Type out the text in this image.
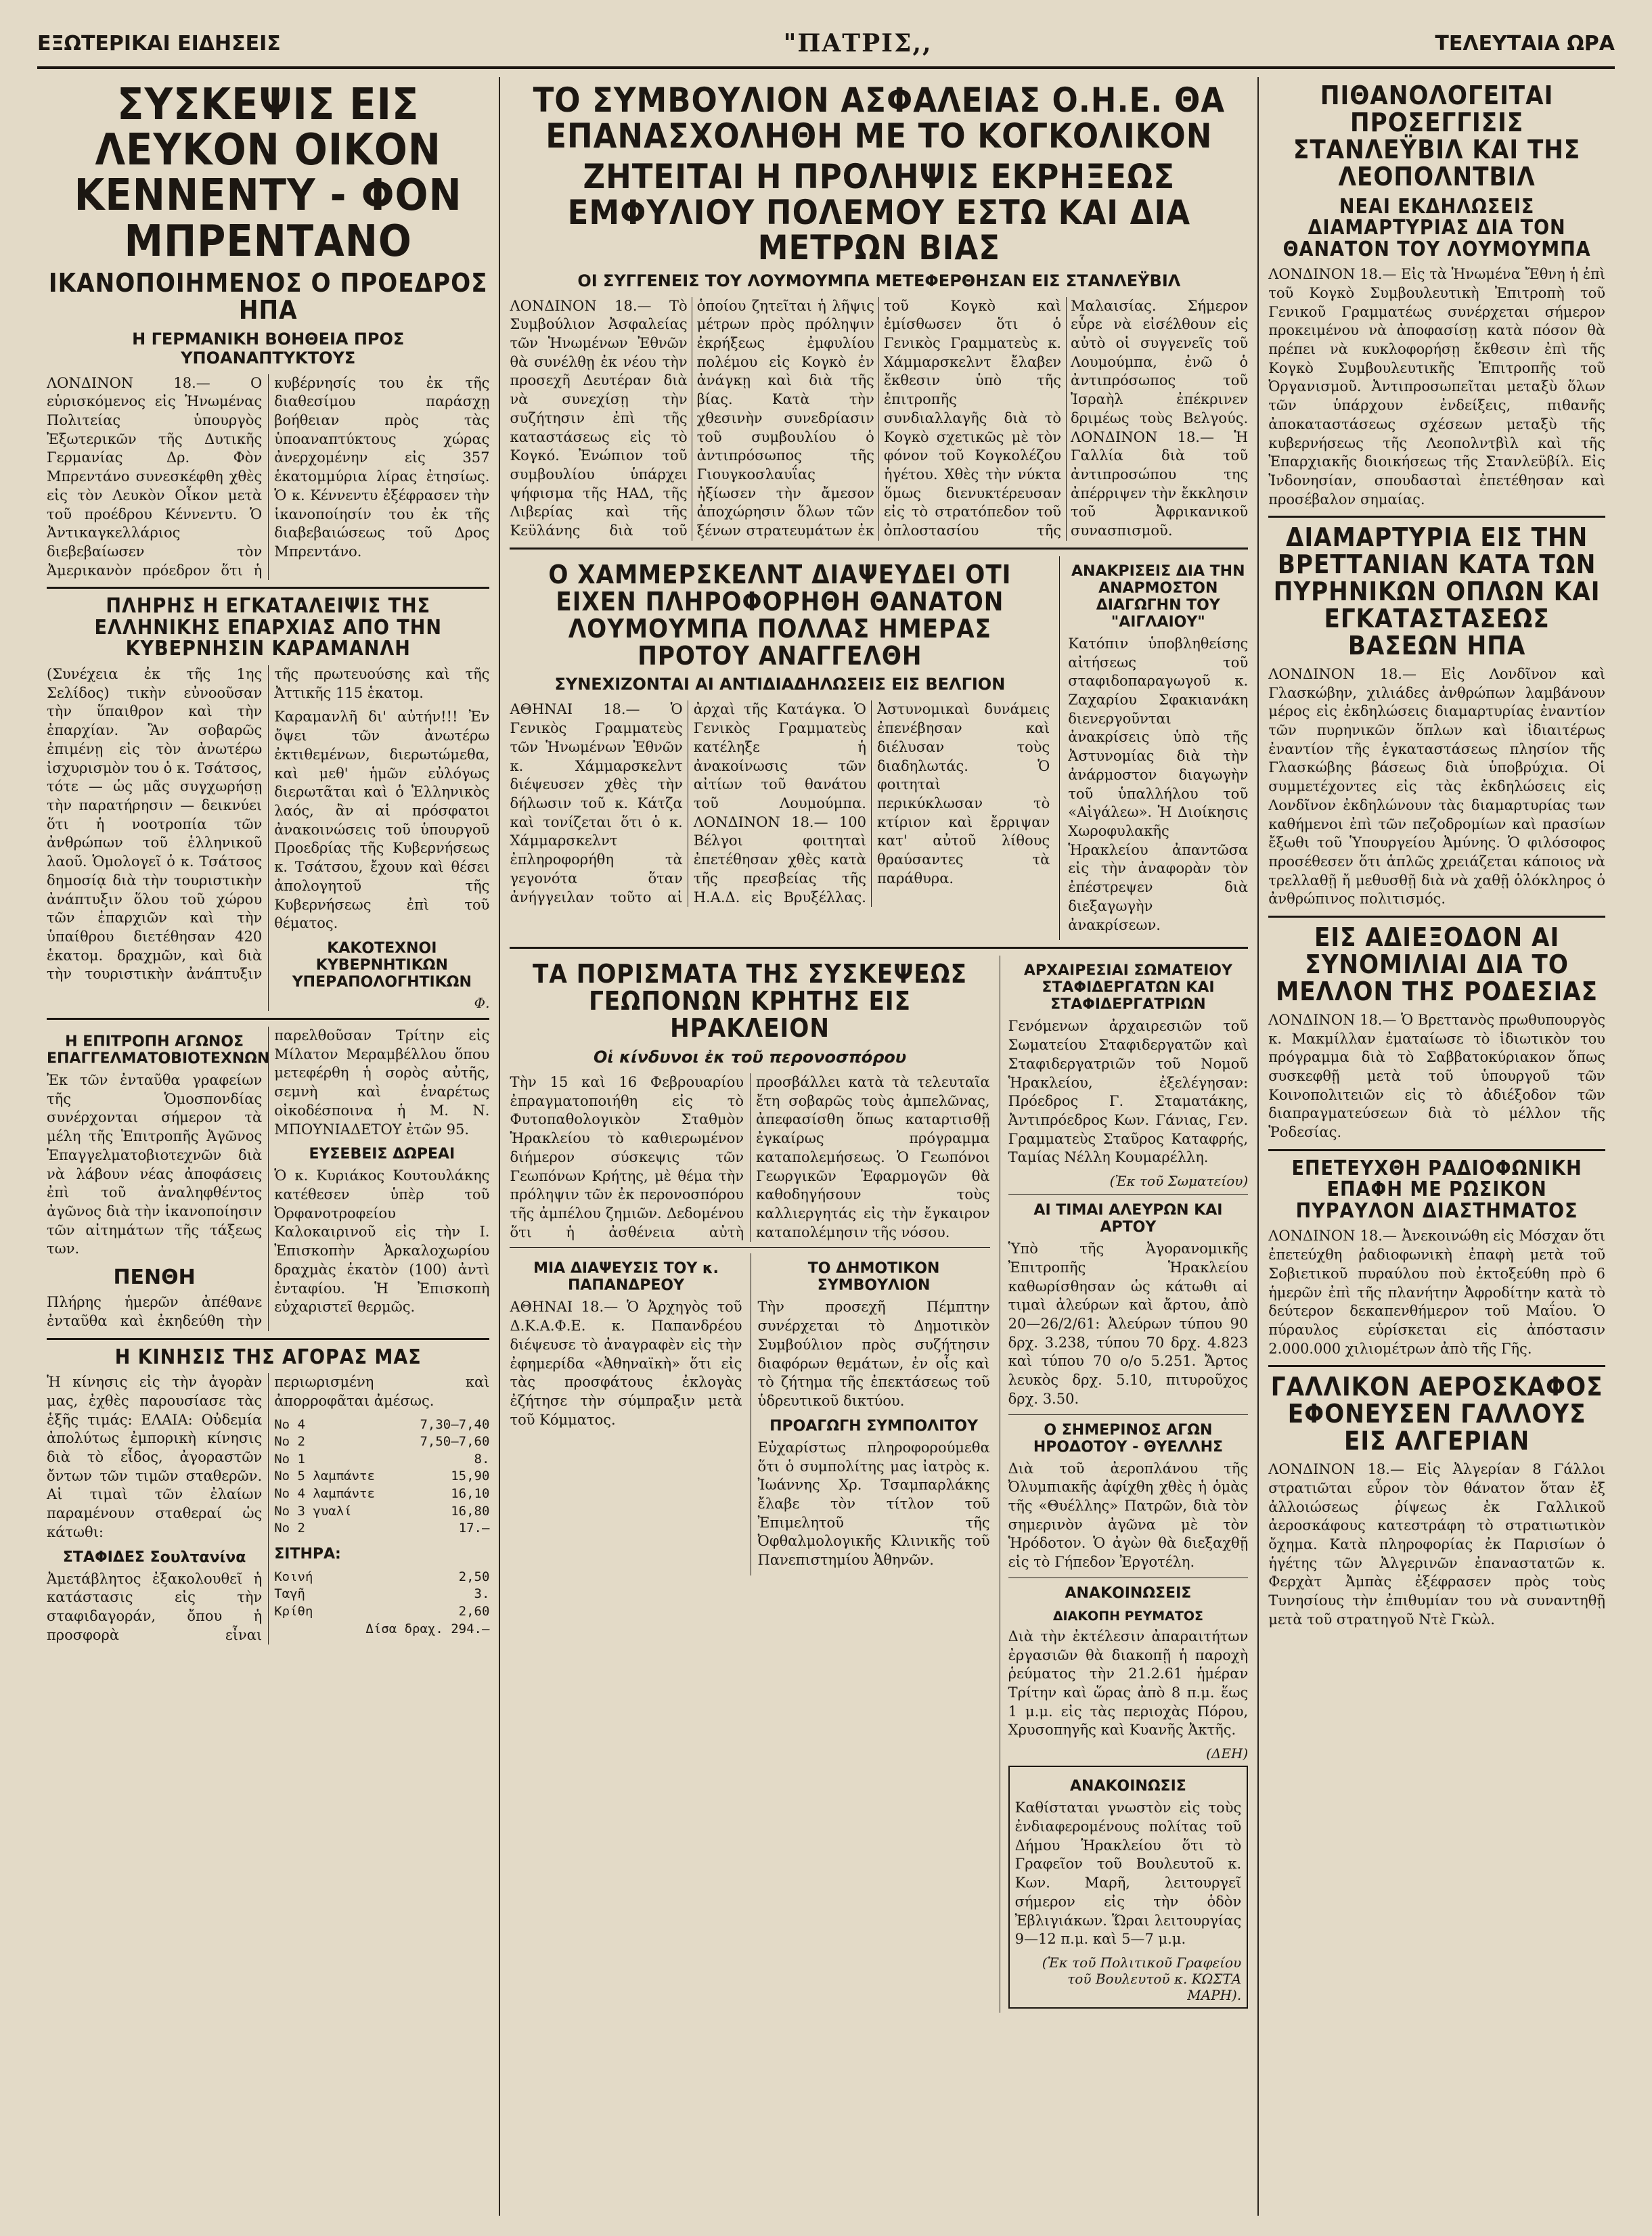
ΕΞΩΤΕΡΙΚΑΙ ΕΙΔΗΣΕΙΣ	"ΠΑΤΡΙΣ,,	ΤΕΛΕΥΤΑΙΑ ΩΡΑ
ΣΥΣΚΕΨΙΣ ΕΙΣ ΛΕΥΚΟΝ ΟΙΚΟΝ ΚΕΝΝΕΝΤΥ - ΦΟΝ ΜΠΡΕΝΤΑΝΟ
ΙΚΑΝΟΠΟΙΗΜΕΝΟΣ Ο ΠΡΟΕΔΡΟΣ ΗΠΑ
Η ΓΕΡΜΑΝΙΚΗ ΒΟΗΘΕΙΑ ΠΡΟΣ ΥΠΟΑΝΑΠΤΥΚΤΟΥΣ
ΛΟΝΔΙΝΟΝ 18.— Ο εὑρισκόμενος εἰς Ἡνωμένας Πολιτείας ὑπουργὸς Ἐξωτερικῶν τῆς Δυτικῆς Γερμανίας Δρ. Φὸν Μπρεντάνο συνεσκέφθη χθὲς εἰς τὸν Λευκὸν Οἶκον μετὰ τοῦ προέδρου Κέννεντυ. Ὁ Ἀντικαγκελλάριος διεβεβαίωσεν τὸν Ἀμερικανὸν πρόεδρον ὅτι ἡ κυβέρνησίς του ἐκ τῆς διαθεσίμου παράσχῃ βοήθειαν πρὸς τὰς ὑποαναπτύκτους χώρας ἀνερχομένην εἰς 357 ἑκατομμύρια λίρας ἐτησίως. Ὁ κ. Κέννεντυ ἐξέφρασεν τὴν ἱκανοποίησίν του ἐκ τῆς διαβεβαιώσεως τοῦ Δρος Μπρεντάνο.
ΠΛΗΡΗΣ Η ΕΓΚΑΤΑΛΕΙΨΙΣ ΤΗΣ ΕΛΛΗΝΙΚΗΣ ΕΠΑΡΧΙΑΣ ΑΠΟ ΤΗΝ ΚΥΒΕΡΝΗΣΙΝ ΚΑΡΑΜΑΝΛΗ

(Συνέχεια ἐκ τῆς 1ης Σελίδος) τικὴν εὐνοοῦσαν τὴν ὕπαιθρον καὶ τὴν ἐπαρχίαν. Ἂν σοβαρῶς ἐπιμένῃ εἰς τὸν ἀνωτέρω ἰσχυρισμὸν του ὁ κ. Τσάτσος, τότε — ὡς μᾶς συγχωρήσῃ τὴν παρατήρησιν — δεικνύει ὅτι ἡ νοοτροπία τῶν ἀνθρώπων τοῦ ἑλληνικοῦ λαοῦ. Ὁμολογεῖ ὁ κ. Τσάτσος δημοσίᾳ διὰ τὴν τουριστικὴν ἀνάπτυξιν ὅλου τοῦ χώρου τῶν ἐπαρχιῶν καὶ τὴν ὑπαίθρου διετέθησαν 420 ἑκατομ. δραχμῶν, καὶ διὰ τὴν τουριστικὴν ἀνάπτυξιν τῆς πρωτευούσης καὶ τῆς Ἀττικῆς 115 ἑκατομ.

Καραμανλῆ δι' αὐτήν!!! Ἐν ὄψει τῶν ἀνωτέρω ἐκτιθεμένων, διερωτώμεθα, καὶ μεθ' ἡμῶν εὐλόγως διερωτᾶται καὶ ὁ Ἑλληνικὸς λαός, ἂν αἱ πρόσφατοι ἀνακοινώσεις τοῦ ὑπουργοῦ Προεδρίας τῆς Κυβερνήσεως κ. Τσάτσου, ἔχουν καὶ θέσει ἀπολογητοῦ τῆς Κυβερνήσεως ἐπὶ τοῦ θέματος.

ΚΑΚΟΤΕΧΝΟΙ ΚΥΒΕΡΝΗΤΙΚΩΝ ΥΠΕΡΑΠΟΛΟΓΗΤΙΚΩΝ
Φ.
Η ΕΠΙΤΡΟΠΗ ΑΓΩΝΟΣ ΕΠΑΓΓΕΛΜΑΤΟΒΙΟΤΕΧΝΩΝ

Ἐκ τῶν ἐνταῦθα γραφείων τῆς Ὁμοσπονδίας συνέρχονται σήμερον τὰ μέλη τῆς Ἐπιτροπῆς Ἀγῶνος Ἐπαγγελματοβιοτεχνῶν διὰ νὰ λάβουν νέας ἀποφάσεις ἐπὶ τοῦ ἀναληφθέντος ἀγῶνος διὰ τὴν ἱκανοποίησιν τῶν αἰτημάτων τῆς τάξεως των.

ΠΕΝΘΗ

Πλήρης ἡμερῶν ἀπέθανε ἐνταῦθα καὶ ἐκηδεύθη τὴν παρελθοῦσαν Τρίτην εἰς Μίλατον Μεραμβέλλου ὅπου μετεφέρθη ἡ σορὸς αὐτῆς, σεμνὴ καὶ ἐναρέτως οἰκοδέσποινα ἡ Μ. Ν. ΜΠΟΥΝΙΑΔΕΤΟΥ ἐτῶν 95.

ΕΥΣΕΒΕΙΣ ΔΩΡΕΑΙ

Ὁ κ. Κυριάκος Κουτουλάκης κατέθεσεν ὑπὲρ τοῦ Ὀρφανοτροφείου Καλοκαιρινοῦ εἰς τὴν Ι. Ἐπισκοπὴν Ἀρκαλοχωρίου δραχμὰς ἑκατὸν (100) ἀντὶ ἐνταφίου. Ἡ Ἐπισκοπὴ εὐχαριστεῖ θερμῶς.

Η ΚΙΝΗΣΙΣ ΤΗΣ ΑΓΟΡΑΣ ΜΑΣ

Ἡ κίνησις εἰς τὴν ἀγορὰν μας, ἐχθὲς παρουσίασε τὰς ἑξῆς τιμάς: ΕΛΑΙΑ: Οὐδεμία ἀπολύτως ἐμπορικὴ κίνησις διὰ τὸ εἶδος, ἀγοραστῶν ὄντων τῶν τιμῶν σταθερῶν. Αἱ τιμαὶ τῶν ἐλαίων παραμένουν σταθεραί ὡς κάτωθι:

ΣΤΑΦΙΔΕΣ Σουλτανίνα

Ἀμετάβλητος ἐξακολουθεῖ ἡ κατάστασις εἰς τὴν σταφιδαγοράν, ὄπου ἡ προσφορὰ εἶναι περιωρισμένη καὶ ἀπορροφᾶται ἀμέσως.

Νο 4	7,30—7,40
Νο 2	7,50—7,60
Νο 1	8.
Νο 5 λαμπάντε	15,90
Νο 4 λαμπάντε	16,10
Νο 3 γυαλί	16,80
Νο 2	17.—
ΣΙΤΗΡΑ:
Κοινή	2,50
Ταγῆ	3.
Κρίθη	2,60
Δίσα δραχ. 294.—
ΤΟ ΣΥΜΒΟΥΛΙΟΝ ΑΣΦΑΛΕΙΑΣ Ο.Η.Ε. ΘΑ ΕΠΑΝΑΣΧΟΛΗΘΗ ΜΕ ΤΟ ΚΟΓΚΟΛΙΚΟΝ
ΖΗΤΕΙΤΑΙ Η ΠΡΟΛΗΨΙΣ ΕΚΡΗΞΕΩΣ ΕΜΦΥΛΙΟΥ ΠΟΛΕΜΟΥ ΕΣΤΩ ΚΑΙ ΔΙΑ ΜΕΤΡΩΝ ΒΙΑΣ
ΟΙ ΣΥΓΓΕΝΕΙΣ ΤΟΥ ΛΟΥΜΟΥΜΠΑ ΜΕΤΕΦΕΡΘΗΣΑΝ ΕΙΣ ΣΤΑΝΛΕΫΒΙΛ
ΛΟΝΔΙΝΟΝ 18.— Τὸ Συμβούλιον Ἀσφαλείας τῶν Ἡνωμένων Ἐθνῶν θὰ συνέλθῃ ἐκ νέου τὴν προσεχῆ Δευτέραν διὰ νὰ συνεχίσῃ τὴν συζήτησιν ἐπὶ τῆς καταστάσεως εἰς τὸ Κογκό. Ἐνώπιον τοῦ συμβουλίου ὑπάρχει ψήφισμα τῆς ΗΑΔ, τῆς Λιβερίας καὶ τῆς Κεϋλάνης διὰ τοῦ ὁποίου ζητεῖται ἡ λῆψις μέτρων πρὸς πρόληψιν ἐκρήξεως ἐμφυλίου πολέμου εἰς Κογκὸ ἐν ἀνάγκῃ καὶ διὰ τῆς βίας. Κατὰ τὴν χθεσινὴν συνεδρίασιν τοῦ συμβουλίου ὁ ἀντιπρόσωπος τῆς Γιουγκοσλαυΐας ἠξίωσεν τὴν ἄμεσον ἀποχώρησιν ὅλων τῶν ξένων στρατευμάτων ἐκ τοῦ Κογκὸ καὶ ἐμίσθωσεν ὅτι ὁ Γενικὸς Γραμματεὺς κ. Χάμμαρσκελντ ἔλαβεν ἔκθεσιν ὑπὸ τῆς ἐπιτροπῆς συνδιαλλαγῆς διὰ τὸ Κογκὸ σχετικῶς μὲ τὸν φόνον τοῦ Κογκολέζου ἡγέτου. Χθὲς τὴν νύκτα ὅμως διενυκτέρευσαν εἰς τὸ στρατόπεδον τοῦ ὀπλοστασίου τῆς Μαλαισίας. Σήμερον εὗρε νὰ εἰσέλθουν εἰς αὐτὸ οἱ συγγενεῖς τοῦ Λουμούμπα, ἐνῶ ὁ ἀντιπρόσωπος τοῦ Ἰσραὴλ ἐπέκρινεν δριμέως τοὺς Βελγούς. ΛΟΝΔΙΝΟΝ 18.— Ἡ Γαλλία διὰ τοῦ ἀντιπροσώπου της ἀπέρριψεν τὴν ἔκκλησιν τοῦ Ἀφρικανικοῦ συνασπισμοῦ.
Ο ΧΑΜΜΕΡΣΚΕΛΝΤ ΔΙΑΨΕΥΔΕΙ ΟΤΙ ΕΙΧΕΝ ΠΛΗΡΟΦΟΡΗΘΗ ΘΑΝΑΤΟΝ ΛΟΥΜΟΥΜΠΑ ΠΟΛΛΑΣ ΗΜΕΡΑΣ ΠΡΟΤΟΥ ΑΝΑΓΓΕΛΘΗ
ΣΥΝΕΧΙΖΟΝΤΑΙ ΑΙ ΑΝΤΙΔΙΑΔΗΛΩΣΕΙΣ ΕΙΣ ΒΕΛΓΙΟΝ
ΑΘΗΝΑΙ 18.— Ὁ Γενικὸς Γραμματεὺς τῶν Ἡνωμένων Ἐθνῶν κ. Χάμμαρσκελντ διέψευσεν χθὲς τὴν δήλωσιν τοῦ κ. Κάτζα καὶ τονίζεται ὅτι ὁ κ. Χάμμαρσκελντ ἐπληροφορήθη τὰ γεγονότα ὅταν ἀνήγγειλαν τοῦτο αἱ ἀρχαὶ τῆς Κατάγκα. Ὁ Γενικὸς Γραμματεὺς κατέληξε ἡ ἀνακοίνωσις τῶν αἰτίων τοῦ θανάτου τοῦ Λουμούμπα. ΛΟΝΔΙΝΟΝ 18.— 100 Βέλγοι φοιτηταὶ ἐπετέθησαν χθὲς κατὰ τῆς πρεσβείας τῆς Η.Α.Δ. εἰς Βρυξέλλας. Ἀστυνομικαὶ δυνάμεις ἐπενέβησαν καὶ διέλυσαν τοὺς διαδηλωτάς. Ὁ φοιτηταὶ περικύκλωσαν τὸ κτίριον καὶ ἔρριψαν κατ' αὐτοῦ λίθους θραύσαντες τὰ παράθυρα.
ΑΝΑΚΡΙΣΕΙΣ ΔΙΑ ΤΗΝ ΑΝΑΡΜΟΣΤΟΝ ΔΙΑΓΩΓΗΝ ΤΟΥ "ΑΙΓΛΑΙΟΥ"

Κατόπιν ὑποβληθείσης αἰτήσεως τοῦ σταφιδοπαραγωγοῦ κ. Ζαχαρίου Σφακιανάκη διενεργοῦνται ἀνακρίσεις ὑπὸ τῆς Ἀστυνομίας διὰ τὴν ἀνάρμοστον διαγωγὴν τοῦ ὑπαλλήλου τοῦ «Αἰγάλεω». Ἡ Διοίκησις Χωροφυλακῆς Ἡρακλείου ἀπαντῶσα εἰς τὴν ἀναφορὰν τὸν ἐπέστρεψεν διὰ διεξαγωγὴν ἀνακρίσεων.

ΤΑ ΠΟΡΙΣΜΑΤΑ ΤΗΣ ΣΥΣΚΕΨΕΩΣ ΓΕΩΠΟΝΩΝ ΚΡΗΤΗΣ ΕΙΣ ΗΡΑΚΛΕΙΟΝ
Οἱ κίνδυνοι ἐκ τοῦ περονοσπόρου
Τὴν 15 καὶ 16 Φεβρουαρίου ἐπραγματοποιήθη εἰς τὸ Φυτοπαθολογικὸν Σταθμὸν Ἡρακλείου τὸ καθιερωμένον διήμερον σύσκεψις τῶν Γεωπόνων Κρήτης, μὲ θέμα τὴν πρόληψιν τῶν ἐκ περονοσπόρου τῆς ἀμπέλου ζημιῶν. Δεδομένου ὅτι ἡ ἀσθένεια αὐτὴ προσβάλλει κατὰ τὰ τελευταῖα ἔτη σοβαρῶς τοὺς ἀμπελῶνας, ἀπεφασίσθη ὅπως καταρτισθῇ ἐγκαίρως πρόγραμμα καταπολεμήσεως. Ὁ Γεωπόνοι Γεωργικῶν Ἐφαρμογῶν θὰ καθοδηγήσουν τοὺς καλλιεργητάς εἰς τὴν ἔγκαιρον καταπολέμησιν τῆς νόσου.
ΜΙΑ ΔΙΑΨΕΥΣΙΣ ΤΟΥ κ. ΠΑΠΑΝΔΡΕΟΥ

ΑΘΗΝΑΙ 18.— Ὁ Ἀρχηγὸς τοῦ Δ.Κ.Α.Φ.Ε. κ. Παπανδρέου διέψευσε τὸ ἀναγραφὲν εἰς τὴν ἐφημερίδα «Ἀθηναϊκὴ» ὅτι εἰς τὰς προσφάτους ἐκλογὰς ἐζήτησε τὴν σύμπραξιν μετὰ τοῦ Κόμματος.

ΤΟ ΔΗΜΟΤΙΚΟΝ ΣΥΜΒΟΥΛΙΟΝ

Τὴν προσεχῆ Πέμπτην συνέρχεται τὸ Δημοτικὸν Συμβούλιον πρὸς συζήτησιν διαφόρων θεμάτων, ἐν οἷς καὶ τὸ ζήτημα τῆς ἐπεκτάσεως τοῦ ὑδρευτικοῦ δικτύου.

ΠΡΟΑΓΩΓΗ ΣΥΜΠΟΛΙΤΟΥ

Εὐχαρίστως πληροφορούμεθα ὅτι ὁ συμπολίτης μας ἰατρὸς κ. Ἰωάννης Χρ. Τσαμπαρλάκης ἔλαβε τὸν τίτλον τοῦ Ἐπιμελητοῦ τῆς Ὀφθαλμολογικῆς Κλινικῆς τοῦ Πανεπιστημίου Ἀθηνῶν.

ΑΡΧΑΙΡΕΣΙΑΙ ΣΩΜΑΤΕΙΟΥ ΣΤΑΦΙΔΕΡΓΑΤΩΝ ΚΑΙ ΣΤΑΦΙΔΕΡΓΑΤΡΙΩΝ

Γενόμενων ἀρχαιρεσιῶν τοῦ Σωματείου Σταφιδεργατῶν καὶ Σταφιδεργατριῶν τοῦ Νομοῦ Ἡρακλείου, ἐξελέγησαν: Πρόεδρος Γ. Σταματάκης, Ἀντιπρόεδρος Κων. Γάνιας, Γεν. Γραμματεὺς Σταῦρος Καταφρής, Ταμίας Νέλλη Κουμαρέλλη.

(Ἐκ τοῦ Σωματείου)
ΑΙ ΤΙΜΑΙ ΑΛΕΥΡΩΝ ΚΑΙ ΑΡΤΟΥ

Ὑπὸ τῆς Ἀγορανομικῆς Ἐπιτροπῆς Ἡρακλείου καθωρίσθησαν ὡς κάτωθι αἱ τιμαὶ ἀλεύρων καὶ ἄρτου, ἀπὸ 20—26/2/61: Ἀλεύρων τύπου 90 δρχ. 3.238, τύπου 70 δρχ. 4.823 καὶ τύπου 70 ο/ο 5.251. Ἄρτος λευκὸς δρχ. 5.10, πιτυροῦχος δρχ. 3.50.

Ο ΣΗΜΕΡΙΝΟΣ ΑΓΩΝ ΗΡΟΔΟΤΟΥ - ΘΥΕΛΛΗΣ

Διὰ τοῦ ἀεροπλάνου τῆς Ὀλυμπιακῆς ἀφίχθη χθὲς ἡ ὁμὰς τῆς «Θυέλλης» Πατρῶν, διὰ τὸν σημερινὸν ἀγῶνα μὲ τὸν Ἡρόδοτον. Ὁ ἀγὼν θὰ διεξαχθῇ εἰς τὸ Γήπεδον Ἐργοτέλη.

ΑΝΑΚΟΙΝΩΣΕΙΣ
ΔΙΑΚΟΠΗ ΡΕΥΜΑΤΟΣ

Διὰ τὴν ἐκτέλεσιν ἀπαραιτήτων ἐργασιῶν θὰ διακοπῇ ἡ παροχὴ ῥεύματος τὴν 21.2.61 ἡμέραν Τρίτην καὶ ὥρας ἀπὸ 8 π.μ. ἕως 1 μ.μ. εἰς τὰς περιοχὰς Πόρου, Χρυσοπηγῆς καὶ Κυανῆς Ἀκτῆς.

(ΔΕΗ)
ΑΝΑΚΟΙΝΩΣΙΣ

Καθίσταται γνωστὸν εἰς τοὺς ἐνδιαφερομένους πολίτας τοῦ Δήμου Ἡρακλείου ὅτι τὸ Γραφεῖον τοῦ Βουλευτοῦ κ. Κων. Μαρῆ, λειτουργεῖ σήμερον εἰς τὴν ὁδὸν Ἐβλιγιάκων. Ὥραι λειτουργίας 9—12 π.μ. καὶ 5—7 μ.μ.

(Ἐκ τοῦ Πολιτικοῦ Γραφείου τοῦ Βουλευτοῦ κ. ΚΩΣΤΑ ΜΑΡΗ).
ΠΙΘΑΝΟΛΟΓΕΙΤΑΙ ΠΡΟΣΕΓΓΙΣΙΣ ΣΤΑΝΛΕΫΒΙΛ ΚΑΙ ΤΗΣ ΛΕΟΠΟΛΝΤΒΙΛ
ΝΕΑΙ ΕΚΔΗΛΩΣΕΙΣ ΔΙΑΜΑΡΤΥΡΙΑΣ ΔΙΑ ΤΟΝ ΘΑΝΑΤΟΝ ΤΟΥ ΛΟΥΜΟΥΜΠΑ

ΛΟΝΔΙΝΟΝ 18.— Εἰς τὰ Ἡνωμένα Ἔθνη ἡ ἐπὶ τοῦ Κογκὸ Συμβουλευτικὴ Ἐπιτροπὴ τοῦ Γενικοῦ Γραμματέως συνέρχεται σήμερον προκειμένου νὰ ἀποφασίσῃ κατὰ πόσον θὰ πρέπει νὰ κυκλοφορήσῃ ἔκθεσιν ἐπὶ τῆς Κογκὸ Συμβουλευτικῆς Ἐπιτροπῆς τοῦ Ὀργανισμοῦ. Ἀντιπροσωπεῖται μεταξὺ ὅλων τῶν ὑπάρχουν ἐνδείξεις, πιθανῆς ἀποκαταστάσεως σχέσεων μεταξὺ τῆς κυβερνήσεως τῆς Λεοπολντβὶλ καὶ τῆς Ἐπαρχιακῆς διοικήσεως τῆς Στανλεϋβίλ. Εἰς Ἰνδονησίαν, σπουδασταὶ ἐπετέθησαν καὶ προσέβαλον σημαίας.

ΔΙΑΜΑΡΤΥΡΙΑ ΕΙΣ ΤΗΝ ΒΡΕΤΤΑΝΙΑΝ ΚΑΤΑ ΤΩΝ ΠΥΡΗΝΙΚΩΝ ΟΠΛΩΝ ΚΑΙ ΕΓΚΑΤΑΣΤΑΣΕΩΣ ΒΑΣΕΩΝ ΗΠΑ

ΛΟΝΔΙΝΟΝ 18.— Εἰς Λονδῖνον καὶ Γλασκώβην, χιλιάδες ἀνθρώπων λαμβάνουν μέρος εἰς ἐκδηλώσεις διαμαρτυρίας ἐναντίον τῶν πυρηνικῶν ὅπλων καὶ ἰδιαιτέρως ἐναντίον τῆς ἐγκαταστάσεως πλησίον τῆς Γλασκώβης βάσεως διὰ ὑποβρύχια. Οἱ συμμετέχοντες εἰς τὰς ἐκδηλώσεις εἰς Λονδῖνον ἐκδηλώνουν τὰς διαμαρτυρίας των καθήμενοι ἐπὶ τῶν πεζοδρομίων καὶ πρασίων ἔξωθι τοῦ Ὑπουργείου Ἀμύνης. Ὁ φιλόσοφος προσέθεσεν ὅτι ἁπλῶς χρειάζεται κάποιος νὰ τρελλαθῇ ἤ μεθυσθῇ διὰ νὰ χαθῇ ὁλόκληρος ὁ ἀνθρώπινος πολιτισμός.

ΕΙΣ ΑΔΙΕΞΟΔΟΝ ΑΙ ΣΥΝΟΜΙΛΙΑΙ ΔΙΑ ΤΟ ΜΕΛΛΟΝ ΤΗΣ ΡΟΔΕΣΙΑΣ

ΛΟΝΔΙΝΟΝ 18.— Ὁ Βρεττανὸς πρωθυπουργὸς κ. Μακμίλλαν ἐματαίωσε τὸ ἰδιωτικὸν του πρόγραμμα διὰ τὸ Σαββατοκύριακον ὅπως συσκεφθῇ μετὰ τοῦ ὑπουργοῦ τῶν Κοινοπολιτειῶν εἰς τὸ ἀδιέξοδον τῶν διαπραγματεύσεων διὰ τὸ μέλλον τῆς Ῥοδεσίας.

ΕΠΕΤΕΥΧΘΗ ΡΑΔΙΟΦΩΝΙΚΗ ΕΠΑΦΗ ΜΕ ΡΩΣΙΚΟΝ ΠΥΡΑΥΛΟΝ ΔΙΑΣΤΗΜΑΤΟΣ

ΛΟΝΔΙΝΟΝ 18.— Ἀνεκοινώθη εἰς Μόσχαν ὅτι ἐπετεύχθη ῥαδιοφωνικὴ ἐπαφὴ μετὰ τοῦ Σοβιετικοῦ πυραύλου ποὺ ἐκτοξεύθη πρὸ 6 ἡμερῶν ἐπὶ τῆς πλανήτην Ἀφροδίτην κατὰ τὸ δεύτερον δεκαπενθήμερον τοῦ Μαΐου. Ὁ πύραυλος εὑρίσκεται εἰς ἀπόστασιν 2.000.000 χιλιομέτρων ἀπὸ τῆς Γῆς.

ΓΑΛΛΙΚΟΝ ΑΕΡΟΣΚΑΦΟΣ ΕΦΟΝΕΥΣΕΝ ΓΑΛΛΟΥΣ ΕΙΣ ΑΛΓΕΡΙΑΝ

ΛΟΝΔΙΝΟΝ 18.— Εἰς Ἀλγερίαν 8 Γάλλοι στρατιῶται εὗρον τὸν θάνατον ὅταν ἐξ ἀλλοιώσεως ῥίψεως ἐκ Γαλλικοῦ ἀεροσκάφους κατεστράφη τὸ στρατιωτικὸν ὄχημα. Κατὰ πληροφορίας ἐκ Παρισίων ὁ ἡγέτης τῶν Ἀλγερινῶν ἐπαναστατῶν κ. Φερχὰτ Ἀμπὰς ἐξέφρασεν πρὸς τοὺς Τυνησίους τὴν ἐπιθυμίαν του νὰ συναντηθῇ μετὰ τοῦ στρατηγοῦ Ντὲ Γκὼλ.
